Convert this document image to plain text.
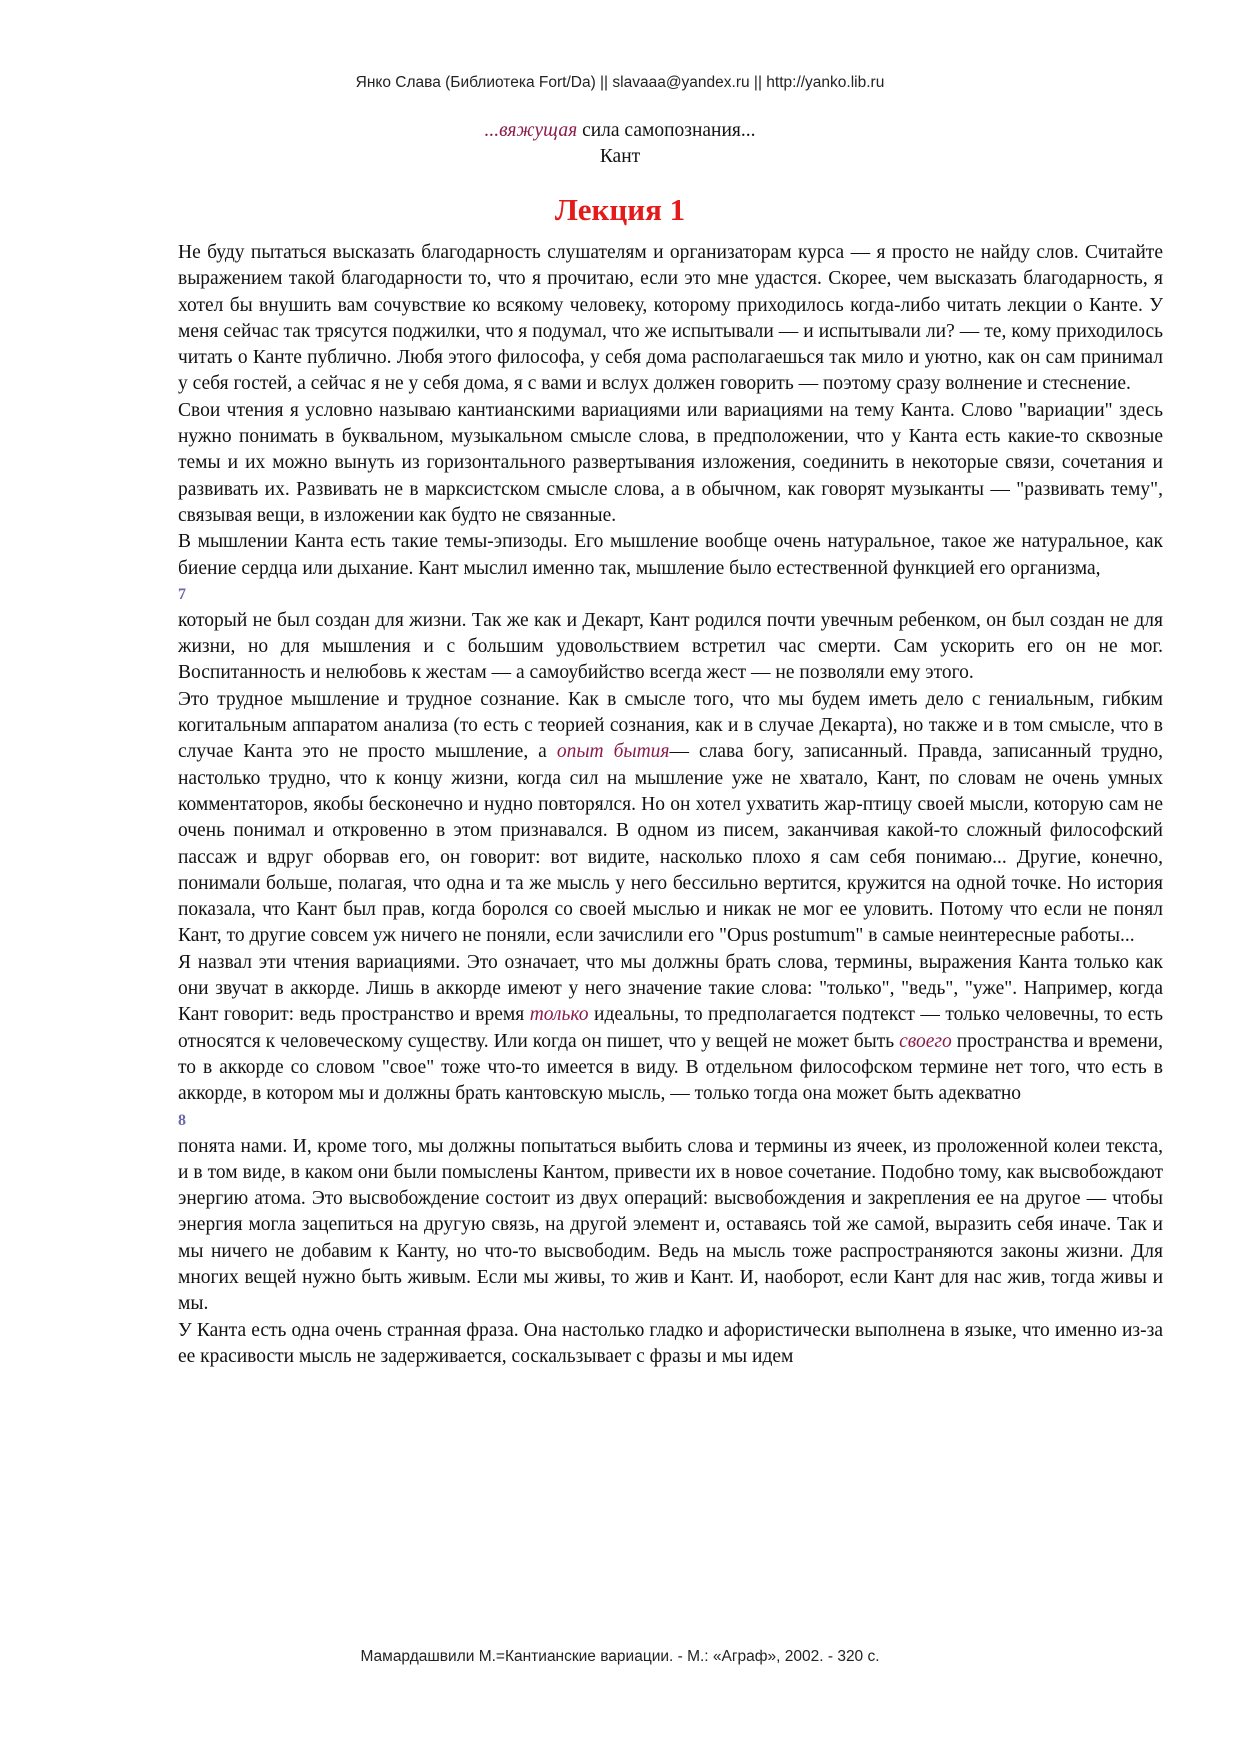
Янко Слава (Библиотека Fort/Da) || slavaaa@yandex.ru || http://yanko.lib.ru
...вяжущая сила самопознания...
Кант
Лекция 1

Не буду пытаться высказать благодарность слушателям и организаторам курса — я просто не найду слов. Считайте выражением такой благодарности то, что я прочитаю, если это мне удастся. Скорее, чем высказать благодарность, я хотел бы внушить вам сочувствие ко всякому человеку, которому приходилось когда-либо читать лекции о Канте. У меня сейчас так трясутся поджилки, что я подумал, что же испытывали — и испытывали ли? — те, кому приходилось читать о Канте публично. Любя этого философа, у себя дома располагаешься так мило и уютно, как он сам принимал у себя гостей, а сейчас я не у себя дома, я с вами и вслух должен говорить — поэтому сразу волнение и стеснение.

Свои чтения я условно называю кантианскими вариациями или вариациями на тему Канта. Слово "вариации" здесь нужно понимать в буквальном, музыкальном смысле слова, в предположении, что у Канта есть какие-то сквозные темы и их можно вынуть из горизонтального развертывания изложения, соединить в некоторые связи, сочетания и развивать их. Развивать не в марксистском смысле слова, а в обычном, как говорят музыканты — "развивать тему", связывая вещи, в изложении как будто не связанные.

В мышлении Канта есть такие темы-эпизоды. Его мышление вообще очень натуральное, такое же натуральное, как биение сердца или дыхание. Кант мыслил именно так, мышление было естественной функцией его организма,

7

который не был создан для жизни. Так же как и Декарт, Кант родился почти увечным ребенком, он был создан не для жизни, но для мышления и с большим удовольствием встретил час смерти. Сам ускорить его он не мог. Воспитанность и нелюбовь к жестам — а самоубийство всегда жест — не позволяли ему этого.

Это трудное мышление и трудное сознание. Как в смысле того, что мы будем иметь дело с гениальным, гибким когитальным аппаратом анализа (то есть с теорией сознания, как и в случае Декарта), но также и в том смысле, что в случае Канта это не просто мышление, а опыт бытия— слава богу, записанный. Правда, записанный трудно, настолько трудно, что к концу жизни, когда сил на мышление уже не хватало, Кант, по словам не очень умных комментаторов, якобы бесконечно и нудно повторялся. Но он хотел ухватить жар-птицу своей мысли, которую сам не очень понимал и откровенно в этом признавался. В одном из писем, заканчивая какой-то сложный философский пассаж и вдруг оборвав его, он говорит: вот видите, насколько плохо я сам себя понимаю... Другие, конечно, понимали больше, полагая, что одна и та же мысль у него бессильно вертится, кружится на одной точке. Но история показала, что Кант был прав, когда боролся со своей мыслью и никак не мог ее уловить. Потому что если не понял Кант, то другие совсем уж ничего не поняли, если зачислили его "Opus postumum" в самые неинтересные работы...

Я назвал эти чтения вариациями. Это означает, что мы должны брать слова, термины, выражения Канта только как они звучат в аккорде. Лишь в аккорде имеют у него значение такие слова: "только", "ведь", "уже". Например, когда Кант говорит: ведь пространство и время только идеальны, то предполагается подтекст — только человечны, то есть относятся к человеческому существу. Или когда он пишет, что у вещей не может быть своего пространства и времени, то в аккорде со словом "свое" тоже что-то имеется в виду. В отдельном философском термине нет того, что есть в аккорде, в котором мы и должны брать кантовскую мысль, — только тогда она может быть адекватно

8

понята нами. И, кроме того, мы должны попытаться выбить слова и термины из ячеек, из проложенной колеи текста, и в том виде, в каком они были помыслены Кантом, привести их в новое сочетание. Подобно тому, как высвобождают энергию атома. Это высвобождение состоит из двух операций: высвобождения и закрепления ее на другое — чтобы энергия могла зацепиться на другую связь, на другой элемент и, оставаясь той же самой, выразить себя иначе. Так и мы ничего не добавим к Канту, но что-то высвободим. Ведь на мысль тоже распространяются законы жизни. Для многих вещей нужно быть живым. Если мы живы, то жив и Кант. И, наоборот, если Кант для нас жив, тогда живы и мы.

У Канта есть одна очень странная фраза. Она настолько гладко и афористически выполнена в языке, что именно из-за ее красивости мысль не задерживается, соскальзывает с фразы и мы идем

Мамардашвили М.=Кантианские вариации. - М.: «Аграф», 2002. - 320 с.
